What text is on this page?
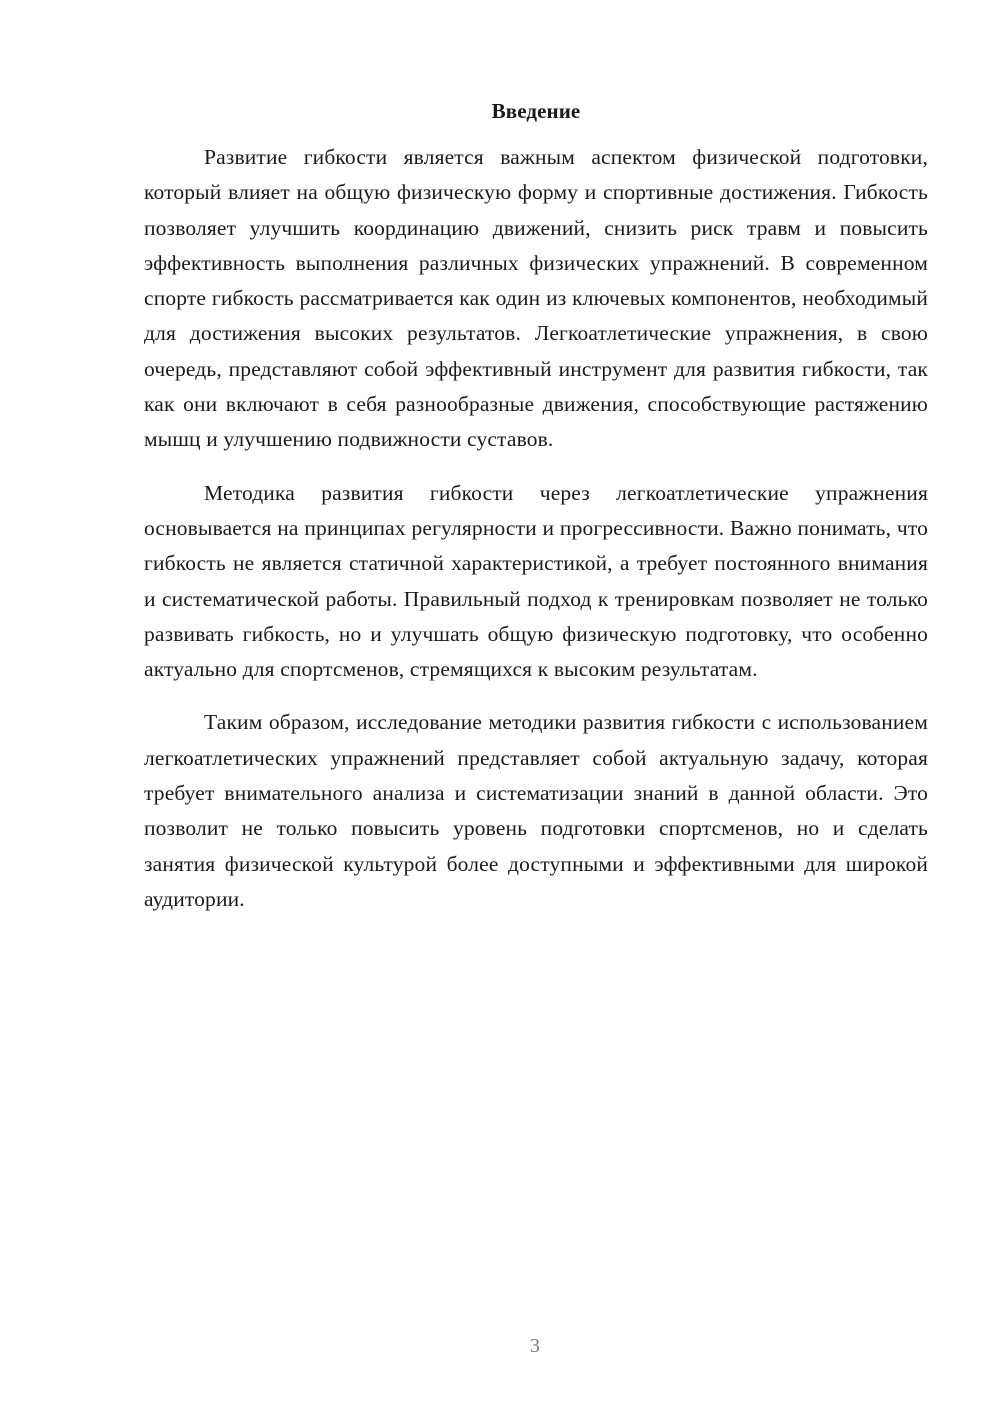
Введение

Развитие гибкости является важным аспектом физической подготовки, который влияет на общую физическую форму и спортивные достижения. Гибкость позволяет улучшить координацию движений, снизить риск травм и повысить эффективность выполнения различных физических упражнений. В современном спорте гибкость рассматривается как один из ключевых компонентов, необходимый для достижения высоких результатов. Легкоатлетические упражнения, в свою очередь, представляют собой эффективный инструмент для развития гибкости, так как они включают в себя разнообразные движения, способствующие растяжению мышц и улучшению подвижности суставов.

Методика развития гибкости через легкоатлетические упражнения основывается на принципах регулярности и прогрессивности. Важно понимать, что гибкость не является статичной характеристикой, а требует постоянного внимания и систематической работы. Правильный подход к тренировкам позволяет не только развивать гибкость, но и улучшать общую физическую подготовку, что особенно актуально для спортсменов, стремящихся к высоким результатам.

Таким образом, исследование методики развития гибкости с использованием легкоатлетических упражнений представляет собой актуальную задачу, которая требует внимательного анализа и систематизации знаний в данной области. Это позволит не только повысить уровень подготовки спортсменов, но и сделать занятия физической культурой более доступными и эффективными для широкой аудитории.

3
